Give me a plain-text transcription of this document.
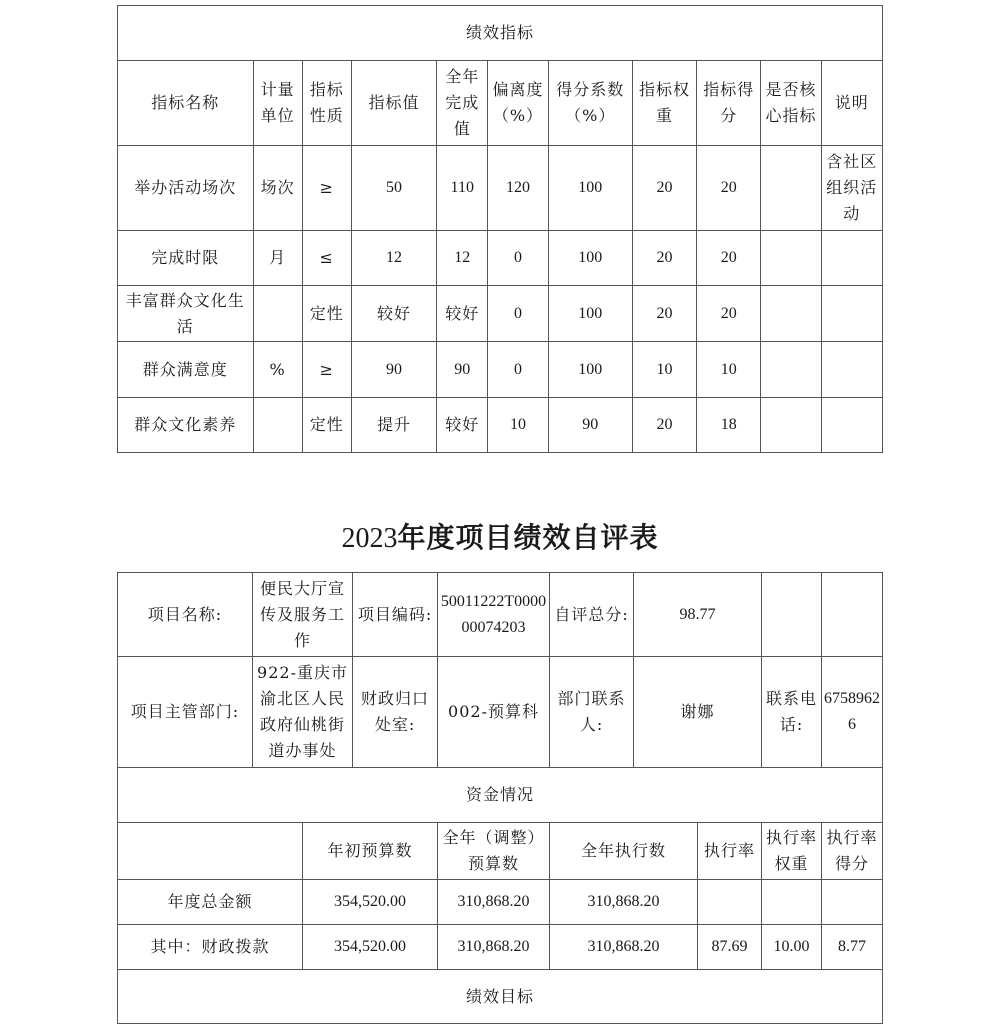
绩效指标										
指标名称	计量单位	指标性质	指标值	全年完成值	偏离度（%）	得分系数（%）	指标权重	指标得分	是否核心指标	说明
举办活动场次	场次	≥	50	110	120	100	20	20		含社区组织活动
完成时限	月	≤	12	12	0	100	20	20		
丰富群众文化生活		定性	较好	较好	0	100	20	20		
群众满意度	%	≥	90	90	0	100	10	10		
群众文化素养		定性	提升	较好	10	90	20	18		
2023年度项目绩效自评表
项目名称:	便民大厅宣传及服务工作		项目编码:	50011222T000000074203	自评总分:	98.77			
项目主管部门:	922-重庆市渝北区人民政府仙桃街道办事处		财政归口处室:	002-预算科	部门联系人:	谢娜		联系电话:	67589626
资金情况									
		年初预算数		全年（调整）预算数	全年执行数		执行率	执行率权重	执行率得分
年度总金额		354,520.00		310,868.20	310,868.20				
其中：财政拨款		354,520.00		310,868.20	310,868.20		87.69	10.00	8.77
绩效目标									
